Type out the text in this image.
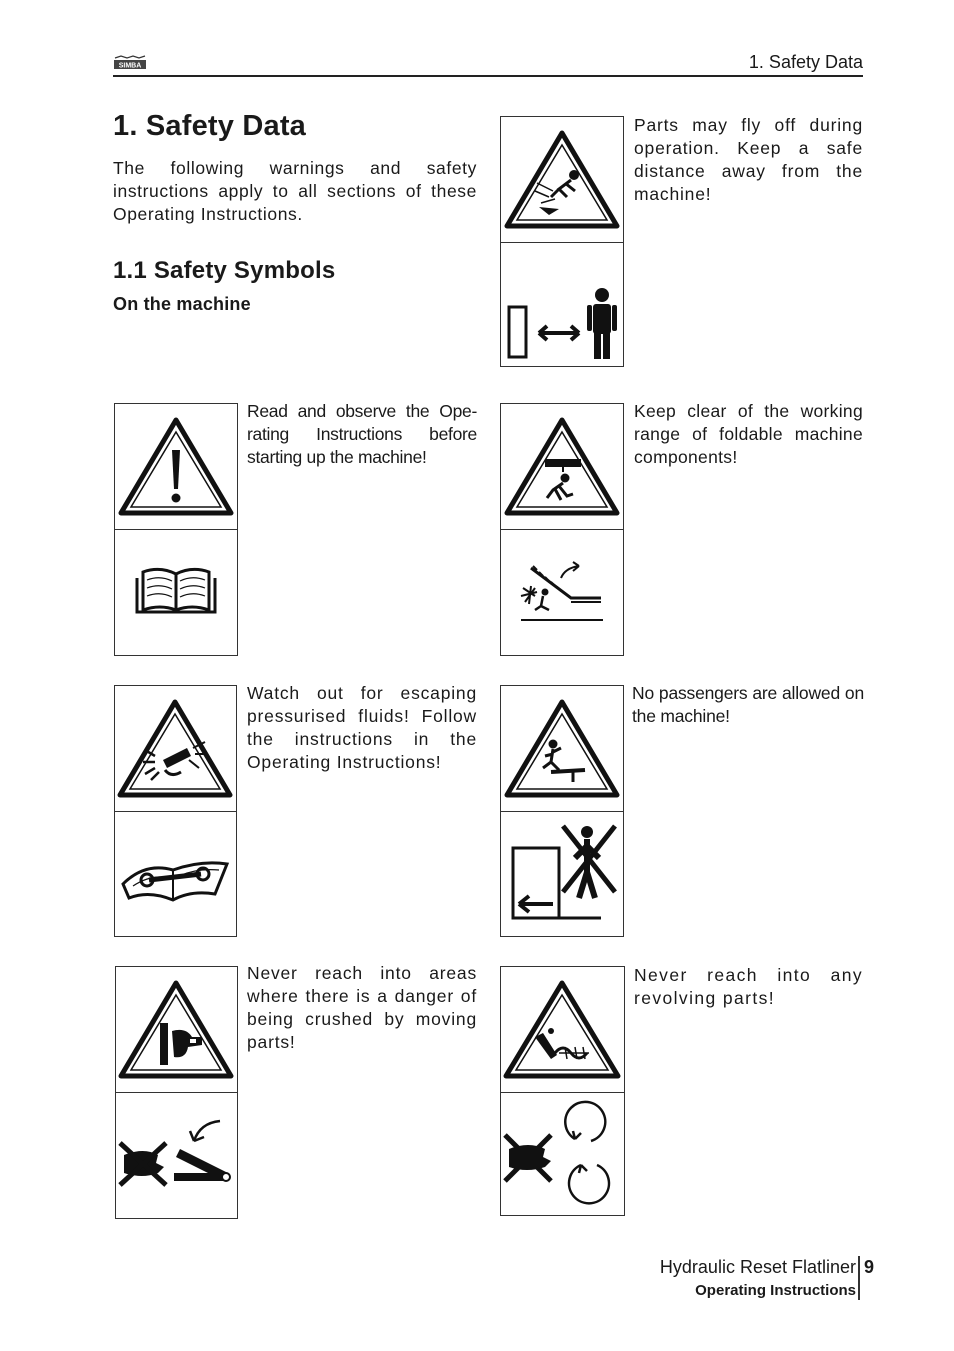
SIMBA	1. Safety Data
1. Safety Data
The following warnings and safety instructions apply to all sections of these Operating Instructions.
1.1 Safety Symbols
On the machine
Parts may fly off during operation. Keep a safe distance away from the machine!
Read and observe the Ope-rating Instructions before starting up the machine!
Keep clear of the working range of foldable machine components!
Watch out for escaping pressurised fluids! Follow the instructions in the Operating Instructions!
No passengers are allowed on the machine!
Never reach into areas where there is a danger of being crushed by moving parts!
Never reach into any revolving parts!
Hydraulic Reset Flatliner 9
Operating Instructions
